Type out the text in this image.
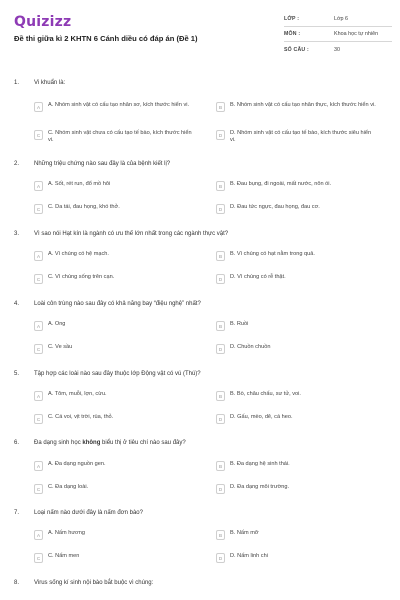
Quizizz
Đề thi giữa kì 2 KHTN 6 Cánh diều có đáp án (Đề 1)
LỚP :	Lớp 6
MÔN :	Khoa học tự nhiên
SỐ CÂU :	30
1. Vi khuẩn là:
A	A. Nhóm sinh vật có cấu tạo nhân sơ, kích thước hiển vi.	B	B. Nhóm sinh vật có cấu tạo nhân thực, kích thước hiển vi.
C	C. Nhóm sinh vật chưa có cấu tạo tế bào, kích thước hiển vi.
D	D. Nhóm sinh vật có cấu tạo tế bào, kích thước siêu hiển vi.
2. Những triệu chứng nào sau đây là của bệnh kiết lị?
A	A. Sốt, rét run, đổ mồ hôi	B	B. Đau bụng, đi ngoài, mất nước, nôn ói.
C	C. Da tái, đau họng, khó thở.	D	D. Đau tức ngực, đau họng, đau cơ.
3. Vì sao nói Hạt kín là ngành có ưu thế lớn nhất trong các ngành thực vật?
A	A. Vì chúng có hệ mạch.	B	B. Vì chúng có hạt nằm trong quả.
C	C. Vì chúng sống trên cạn.	D	D. Vì chúng có rễ thật.
4. Loài côn trùng nào sau đây có khả năng bay “điệu nghệ” nhất?
A	A. Ong	B	B. Ruồi
C	C. Ve sầu	D	D. Chuồn chuồn
5. Tập hợp các loài nào sau đây thuộc lớp Động vật có vú (Thú)?
A	A. Tôm, muỗi, lợn, cừu.	B	B. Bò, châu chấu, sư tử, voi.
C	C. Cá voi, vịt trời, rùa, thỏ.	D	D. Gấu, mèo, dê, cá heo.
6. Đa dạng sinh học không biểu thị ở tiêu chí nào sau đây?
A	A. Đa dạng nguồn gen.	B	B. Đa dạng hệ sinh thái.
C	C. Đa dạng loài.	D	D. Đa dạng môi trường.
7. Loại nấm nào dưới đây là nấm đơn bào?
A	A. Nấm hương	B	B. Nấm mỡ
C	C. Nấm men	D	D. Nấm linh chi
8. Virus sống kí sinh nội bào bắt buộc vì chúng:
